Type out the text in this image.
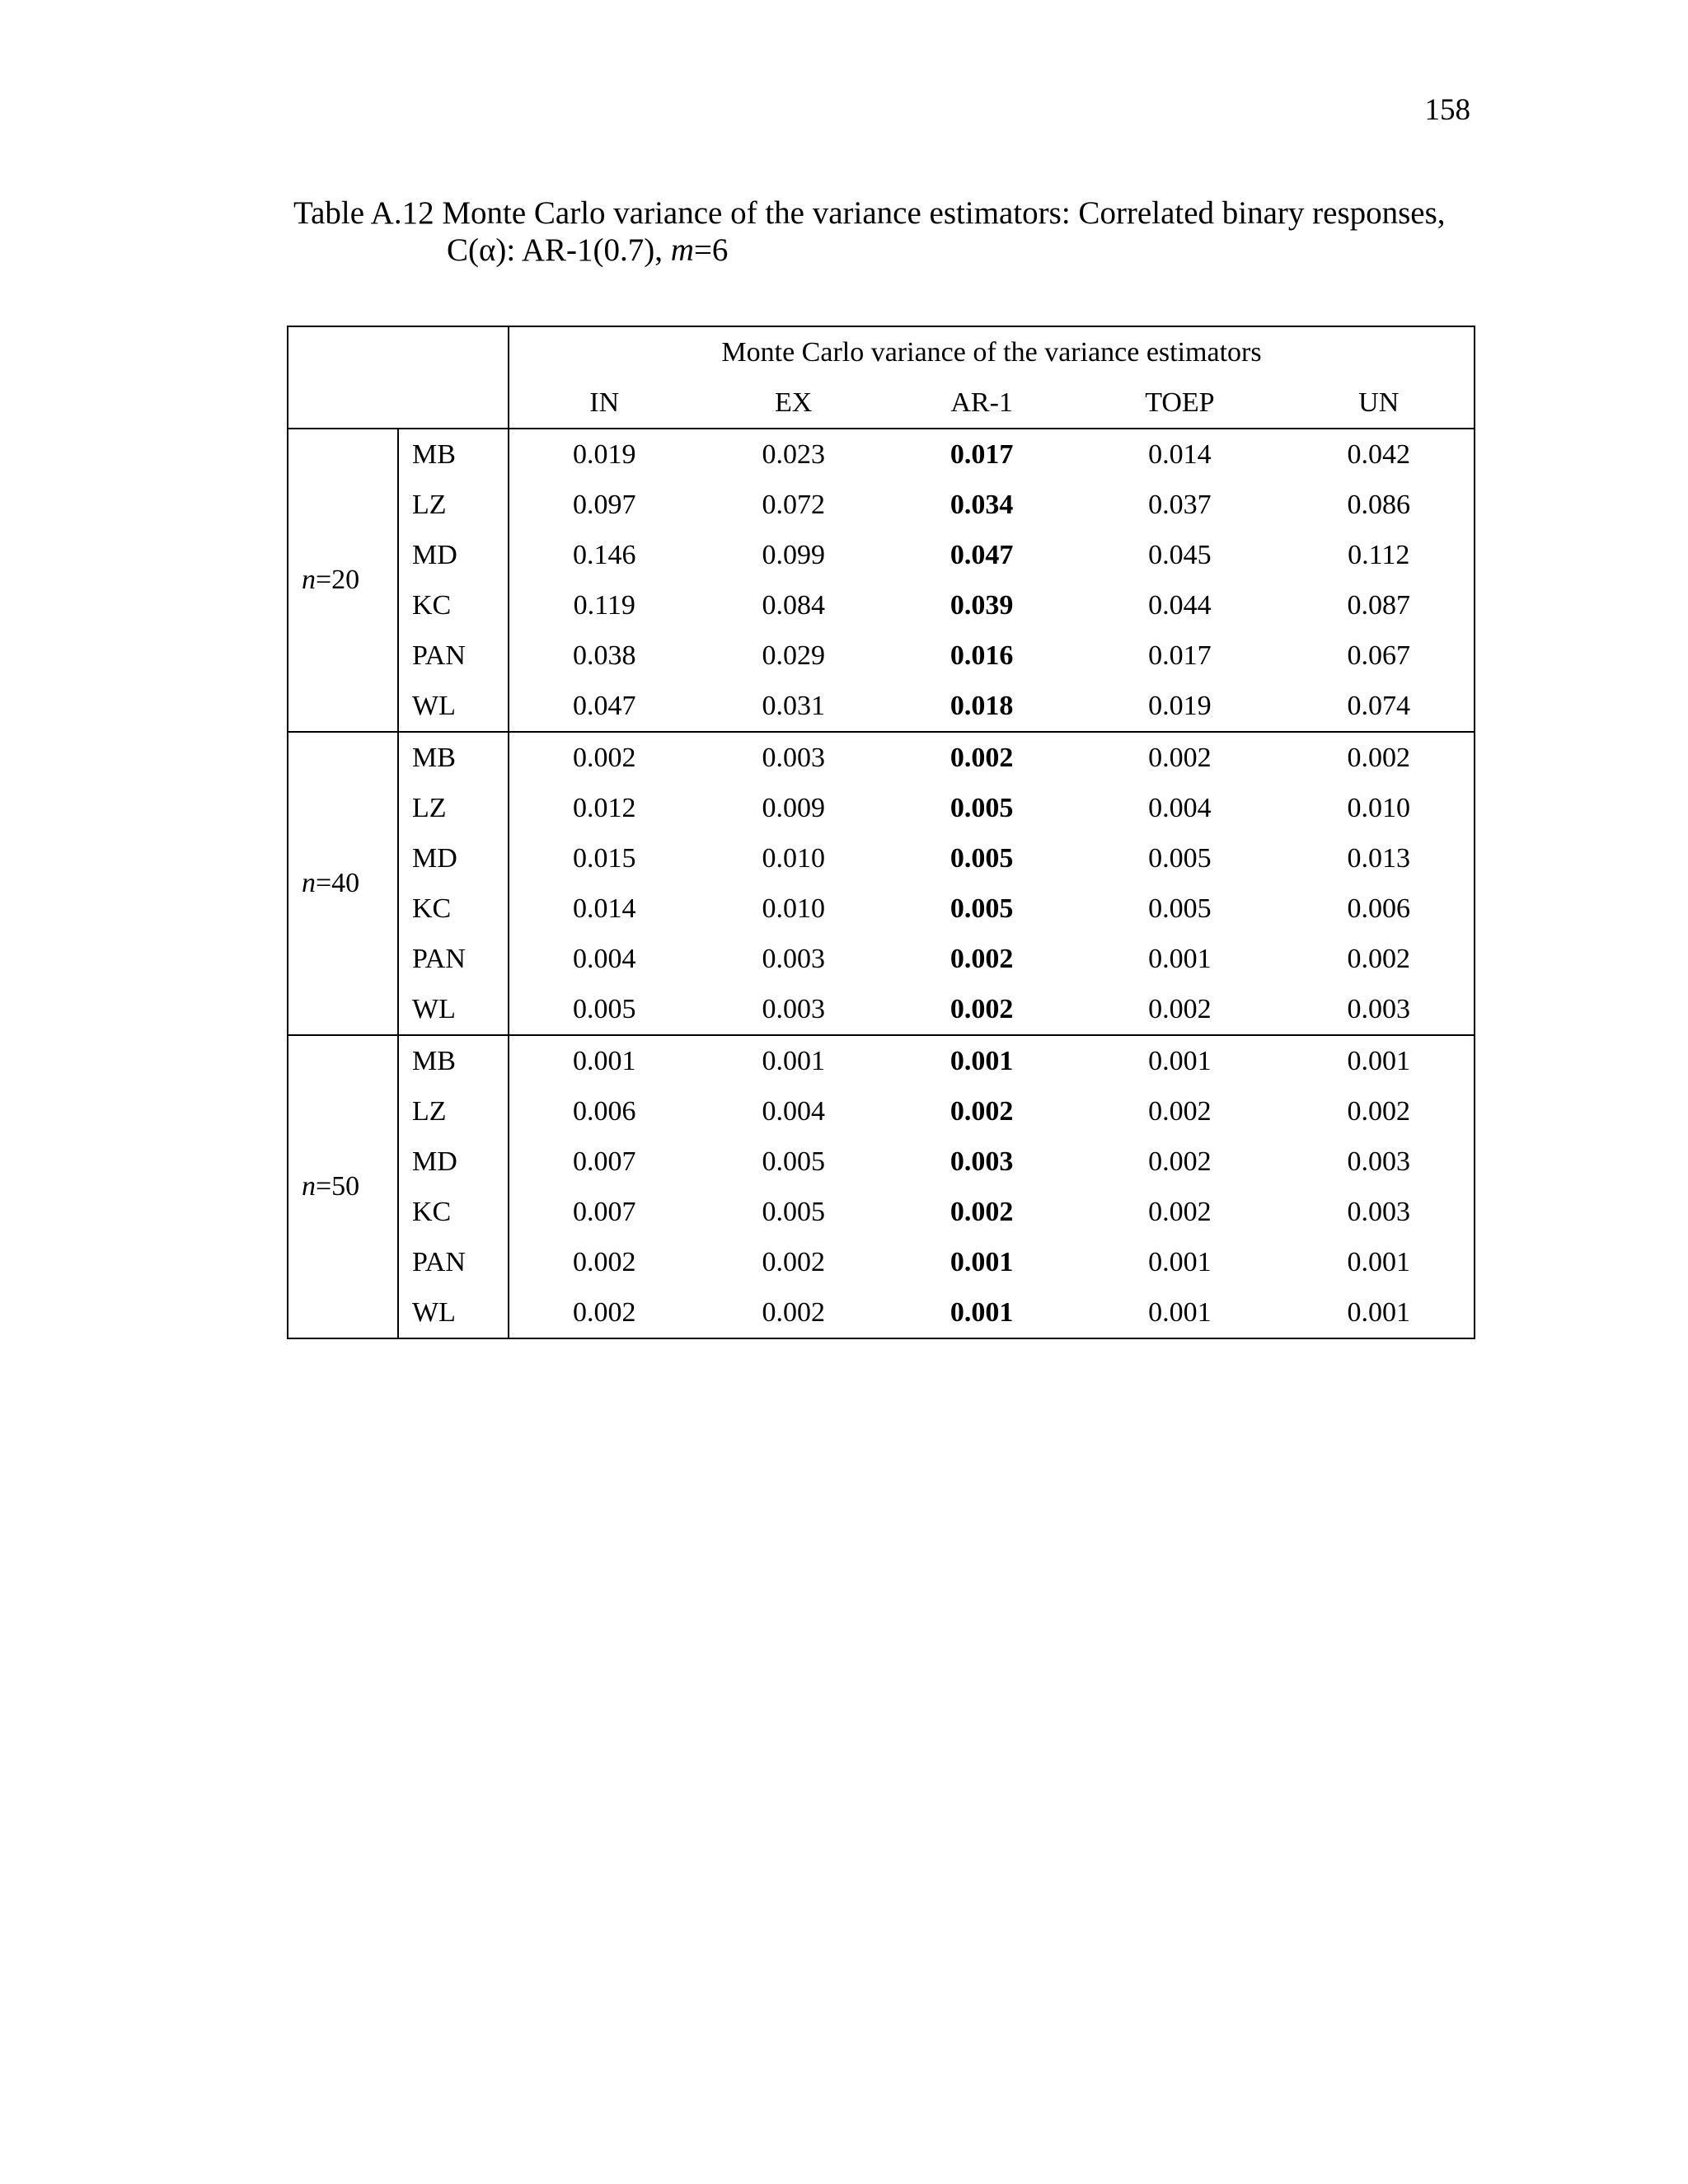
158
Table A.12 Monte Carlo variance of the variance estimators: Correlated binary responses,
C(α): AR-1(0.7), m=6
		Monte Carlo variance of the variance estimators				
		IN	EX	AR-1	TOEP	UN
n=20	MB	0.019	0.023	0.017	0.014	0.042
	LZ	0.097	0.072	0.034	0.037	0.086
	MD	0.146	0.099	0.047	0.045	0.112
	KC	0.119	0.084	0.039	0.044	0.087
	PAN	0.038	0.029	0.016	0.017	0.067
	WL	0.047	0.031	0.018	0.019	0.074
n=40	MB	0.002	0.003	0.002	0.002	0.002
	LZ	0.012	0.009	0.005	0.004	0.010
	MD	0.015	0.010	0.005	0.005	0.013
	KC	0.014	0.010	0.005	0.005	0.006
	PAN	0.004	0.003	0.002	0.001	0.002
	WL	0.005	0.003	0.002	0.002	0.003
n=50	MB	0.001	0.001	0.001	0.001	0.001
	LZ	0.006	0.004	0.002	0.002	0.002
	MD	0.007	0.005	0.003	0.002	0.003
	KC	0.007	0.005	0.002	0.002	0.003
	PAN	0.002	0.002	0.001	0.001	0.001
	WL	0.002	0.002	0.001	0.001	0.001
